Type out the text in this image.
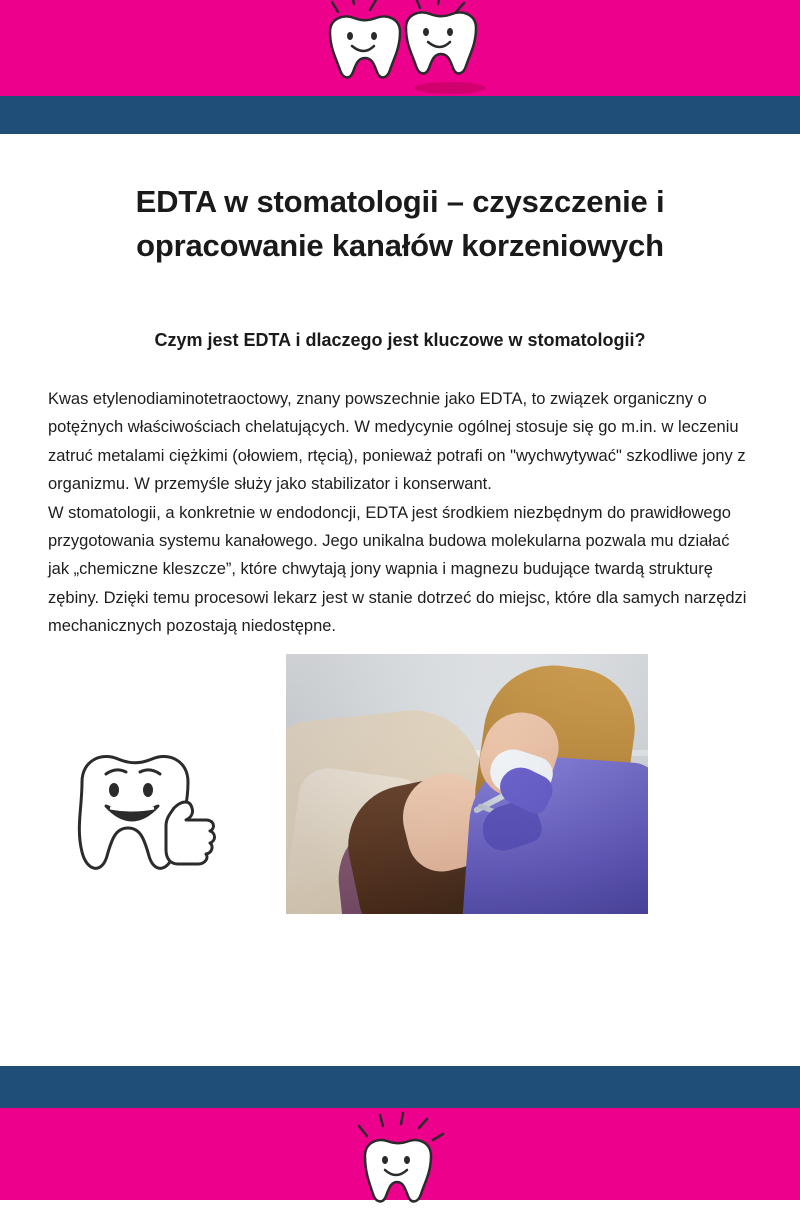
EDTA w stomatologii – czyszczenie i opracowanie kanałów korzeniowych
Czym jest EDTA i dlaczego jest kluczowe w stomatologii?

Kwas etylenodiaminotetraoctowy, znany powszechnie jako EDTA, to związek organiczny o potężnych właściwościach chelatujących. W medycynie ogólnej stosuje się go m.in. w leczeniu zatruć metalami ciężkimi (ołowiem, rtęcią), ponieważ potrafi on "wychwytywać" szkodliwe jony z organizmu. W przemyśle służy jako stabilizator i konserwant.

W stomatologii, a konkretnie w endodoncji, EDTA jest środkiem niezbędnym do prawidłowego przygotowania systemu kanałowego. Jego unikalna budowa molekularna pozwala mu działać jak „chemiczne kleszcze”, które chwytają jony wapnia i magnezu budujące twardą strukturę zębiny. Dzięki temu procesowi lekarz jest w stanie dotrzeć do miejsc, które dla samych narzędzi mechanicznych pozostają niedostępne.
